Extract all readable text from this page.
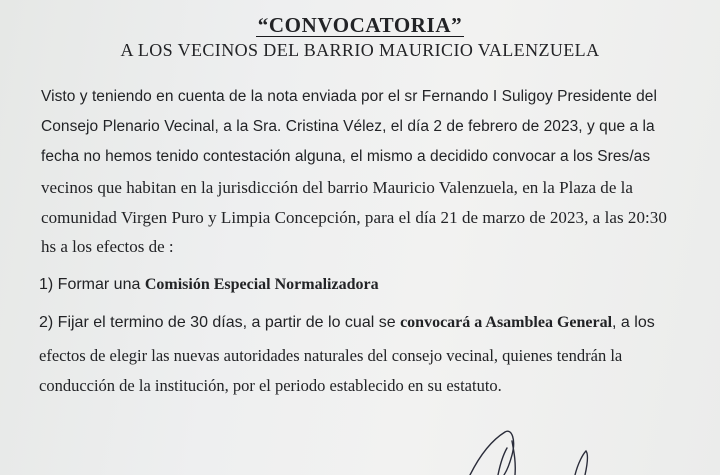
“CONVOCATORIA”
A LOS VECINOS DEL BARRIO MAURICIO VALENZUELA
Visto y teniendo en cuenta de la nota enviada por el sr Fernando I Suligoy Presidente del
Consejo Plenario Vecinal, a la Sra. Cristina Vélez, el día 2 de febrero de 2023, y que a la
fecha no hemos tenido contestación alguna, el mismo a decidido convocar a los Sres/as
vecinos que habitan en la jurisdicción del barrio Mauricio Valenzuela, en la Plaza de la
comunidad Virgen Puro y Limpia Concepción, para el día 21 de marzo de 2023, a las 20:30
hs a los efectos de :
1) Formar una Comisión Especial Normalizadora
2) Fijar el termino de 30 días, a partir de lo cual se convocará a Asamblea General, a los
efectos de elegir las nuevas autoridades naturales del consejo vecinal, quienes tendrán la
conducción de la institución, por el periodo establecido en su estatuto.
